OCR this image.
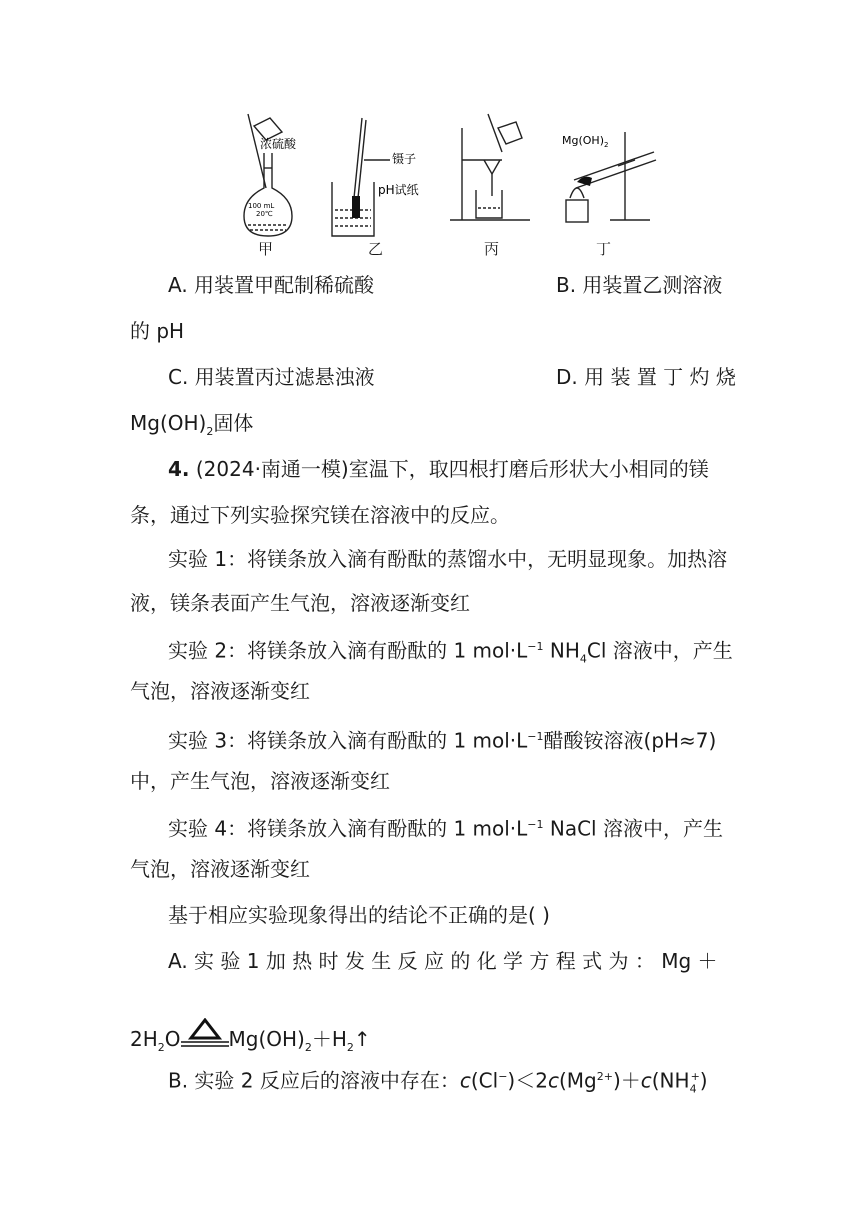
浓硫酸
100 mL
20℃
镊子
pH试纸
$Mg(OH)_2$
甲	乙	丙	丁
A. 用装置甲配制稀硫酸	B. 用装置乙测溶液
的 pH
C. 用装置丙过滤悬浊液	D. 用 装 置 丁 灼 烧
$Mg(OH)_2$固体
4. (2024·南通一模)室温下，取四根打磨后形状大小相同的镁
条，通过下列实验探究镁在溶液中的反应。
实验 1：将镁条放入滴有酚酞的蒸馏水中，无明显现象。加热溶
液，镁条表面产生气泡，溶液逐渐变红
实验 2：将镁条放入滴有酚酞的 1 $mol\cdot L^{-1}$ $NH_4Cl$ 溶液中，产生
气泡，溶液逐渐变红
实验 3：将镁条放入滴有酚酞的 1 $mol\cdot L^{-1}$醋酸铵溶液(pH≈7)
中，产生气泡，溶液逐渐变红
实验 4：将镁条放入滴有酚酞的 1 $mol\cdot L^{-1}$ NaCl 溶液中，产生
气泡，溶液逐渐变红
基于相应实验现象得出的结论不正确的是( )
A. 实 验 1 加 热 时 发 生 反 应 的 化 学 方 程 式 为 ： Mg ＋
$2H_2O$ $Mg(OH)_2+H_2↑$
B. 实验 2 反应后的溶液中存在：$c(Cl^-)<2c(Mg^{2+})+c(NH_4^+)$
